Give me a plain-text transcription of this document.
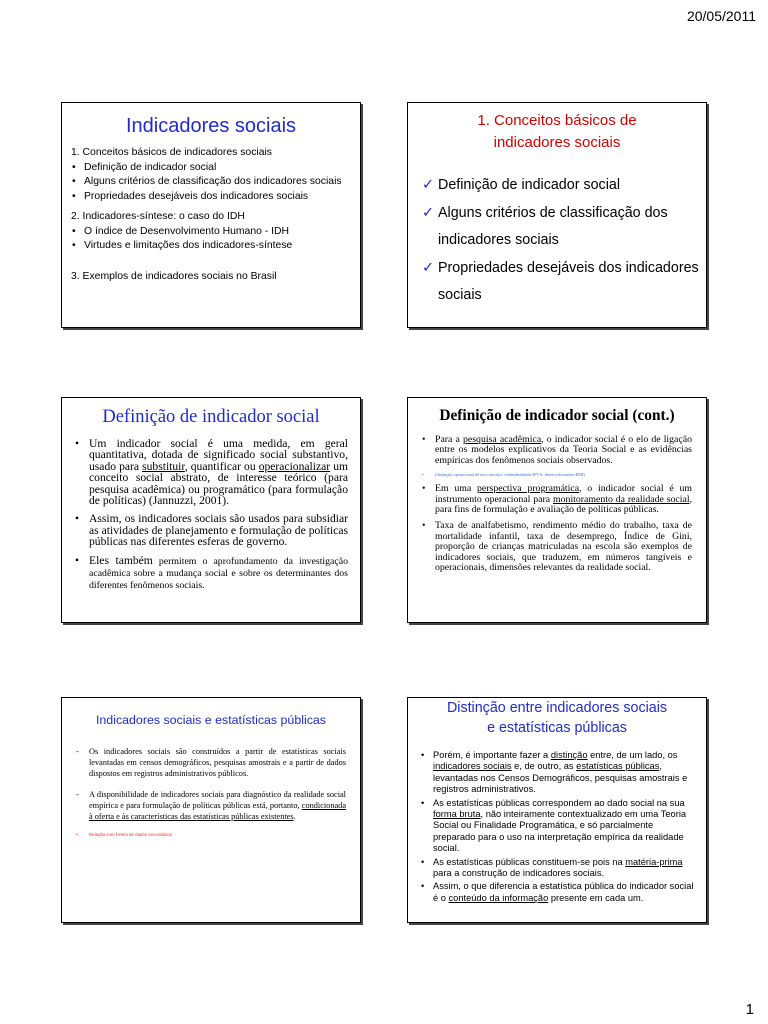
20/05/2011
Indicadores sociais
1. Conceitos básicos de indicadores sociais
• Definição de indicador social
• Alguns critérios de classificação dos indicadores sociais
• Propriedades desejáveis dos indicadores sociais
2. Indicadores-síntese: o caso do IDH
• O índice de Desenvolvimento Humano - IDH
• Virtudes e limitações dos indicadores-síntese
3. Exemplos de indicadores sociais no Brasil
1. Conceitos básicos de
indicadores sociais
✓ Definição de indicador social
✓ Alguns critérios de classificação dos indicadores sociais
✓ Propriedades desejáveis dos indicadores sociais
Definição de indicador social
• Um indicador social é uma medida, em geral quantitativa, dotada de significado social substantivo, usado para substituir, quantificar ou operacionalizar um conceito social abstrato, de interesse teórico (para pesquisa acadêmica) ou programático (para formulação de políticas) (Jannuzzi, 2001).
• Assim, os indicadores sociais são usados para subsidiar as atividades de planejamento e formulação de políticas públicas nas diferentes esferas de governo.
• Eles também permitem o aprofundamento da investigação acadêmica sobre a mudança social e sobre os determinantes dos diferentes fenômenos sociais.
Definição de indicador social (cont.)
• Para a pesquisa acadêmica, o indicador social é o elo de ligação entre os modelos explicativos da Teoria Social e as evidências empíricas dos fenômenos sociais observados.
• (distinção operacional de um conceito: vulnerabilidade/IPVS; desenvolvimento/IDH)
• Em uma perspectiva programática, o indicador social é um instrumento operacional para monitoramento da realidade social, para fins de formulação e avaliação de políticas públicas.
• Taxa de analfabetismo, rendimento médio do trabalho, taxa de mortalidade infantil, taxa de desemprego, Índice de Gini, proporção de crianças matriculadas na escola são exemplos de indicadores sociais, que traduzem, em números tangíveis e operacionais, dimensões relevantes da realidade social.
Indicadores sociais e estatísticas públicas
- Os indicadores sociais são construídos a partir de estatísticas sociais levantadas em censos demográficos, pesquisas amostrais e a partir de dados dispostos em registros administrativos públicos.
- A disponibilidade de indicadores sociais para diagnóstico da realidade social empírica e para formulação de políticas públicas está, portanto, condicionada à oferta e às características das estatísticas públicas existentes.
• Relação com fontes de dados secundários
Distinção entre indicadores sociais
e estatísticas públicas
• Porém, é importante fazer a distinção entre, de um lado, os indicadores sociais e, de outro, as estatísticas públicas, levantadas nos Censos Demográficos, pesquisas amostrais e registros administrativos.
• As estatísticas públicas correspondem ao dado social na sua forma bruta, não inteiramente contextualizado em uma Teoria Social ou Finalidade Programática, e só parcialmente preparado para o uso na interpretação empírica da realidade social.
• As estatísticas públicas constituem-se pois na matéria-prima para a construção de indicadores sociais.
• Assim, o que diferencia a estatística pública do indicador social é o conteúdo da informação presente em cada um.
1
